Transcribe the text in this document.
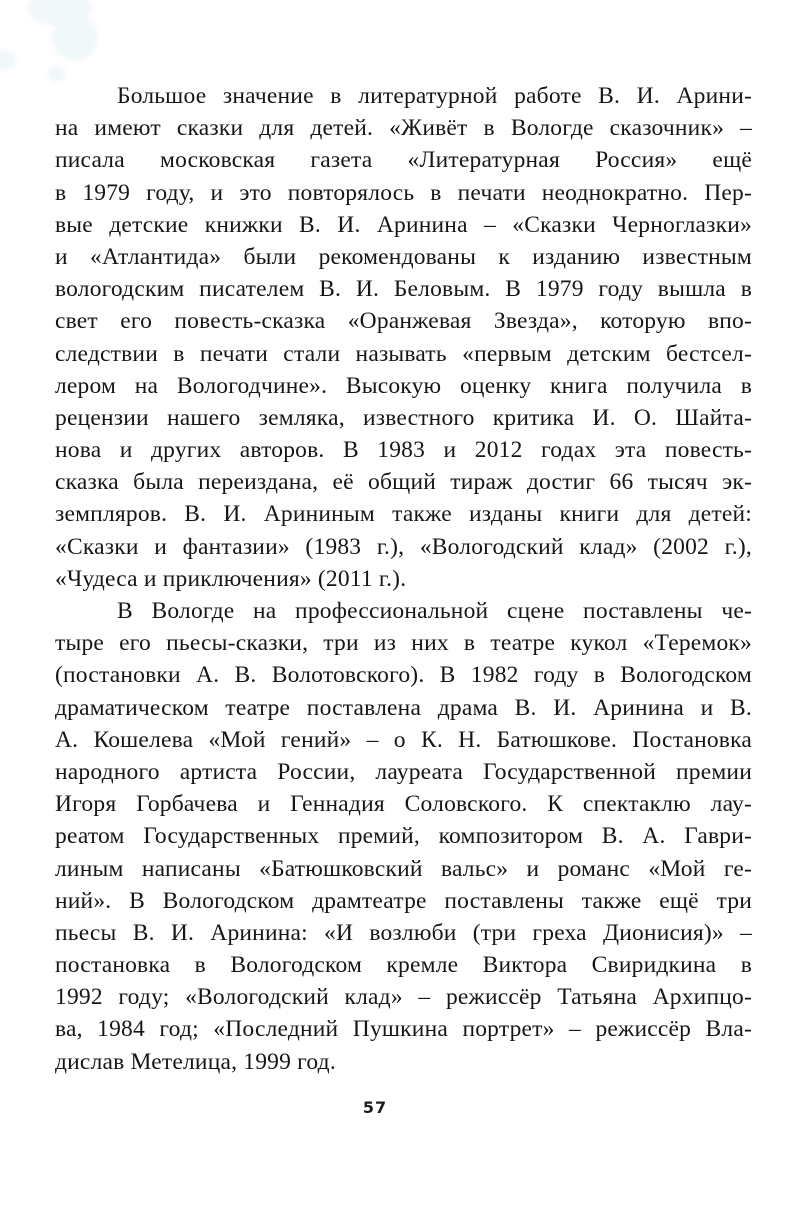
Большое значение в литературной работе В. И. Арини-
на имеют сказки для детей. «Живёт в Вологде сказочник» –
писала московская газета «Литературная Россия» ещё
в 1979 году, и это повторялось в печати неоднократно. Пер-
вые детские книжки В. И. Аринина – «Сказки Черноглазки»
и «Атлантида» были рекомендованы к изданию известным
вологодским писателем В. И. Беловым. В 1979 году вышла в
свет его повесть-сказка «Оранжевая Звезда», которую впо-
следствии в печати стали называть «первым детским бестсел-
лером на Вологодчине». Высокую оценку книга получила в
рецензии нашего земляка, известного критика И. О. Шайта-
нова и других авторов. В 1983 и 2012 годах эта повесть-
сказка была переиздана, её общий тираж достиг 66 тысяч эк-
земпляров. В. И. Арининым также изданы книги для детей:
«Сказки и фантазии» (1983 г.), «Вологодский клад» (2002 г.),
«Чудеса и приключения» (2011 г.).
В Вологде на профессиональной сцене поставлены че-
тыре его пьесы-сказки, три из них в театре кукол «Теремок»
(постановки А. В. Волотовского). В 1982 году в Вологодском
драматическом театре поставлена драма В. И. Аринина и В.
А. Кошелева «Мой гений» – о К. Н. Батюшкове. Постановка
народного артиста России, лауреата Государственной премии
Игоря Горбачева и Геннадия Соловского. К спектаклю лау-
реатом Государственных премий, композитором В. А. Гаври-
линым написаны «Батюшковский вальс» и романс «Мой ге-
ний». В Вологодском драмтеатре поставлены также ещё три
пьесы В. И. Аринина: «И возлюби (три греха Дионисия)» –
постановка в Вологодском кремле Виктора Свиридкина в
1992 году; «Вологодский клад» – режиссёр Татьяна Архипцо-
ва, 1984 год; «Последний Пушкина портрет» – режиссёр Вла-
дислав Метелица, 1999 год.
57
